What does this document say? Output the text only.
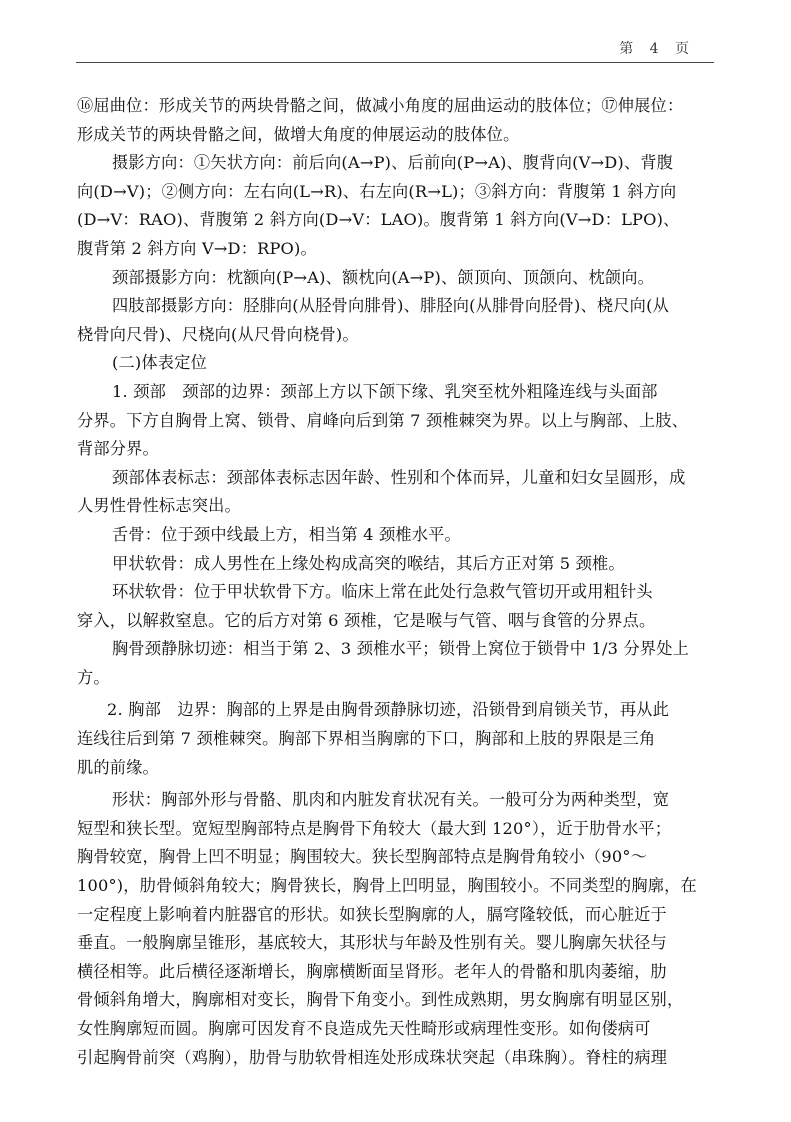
第 4 页
⑯屈曲位：形成关节的两块骨骼之间，做减小角度的屈曲运动的肢体位；⑰伸展位：
形成关节的两块骨骼之间，做增大角度的伸展运动的肢体位。
摄影方向：①矢状方向：前后向(A→P)、后前向(P→A)、腹背向(V→D)、背腹
向(D→V)；②侧方向：左右向(L→R)、右左向(R→L)；③斜方向：背腹第 1 斜方向
(D→V：RAO)、背腹第 2 斜方向(D→V：LAO)。腹背第 1 斜方向(V→D：LPO)、
腹背第 2 斜方向 V→D：RPO)。
颈部摄影方向：枕额向(P→A)、额枕向(A→P)、颌顶向、顶颌向、枕颌向。
四肢部摄影方向：胫腓向(从胫骨向腓骨)、腓胫向(从腓骨向胫骨)、桡尺向(从
桡骨向尺骨)、尺桡向(从尺骨向桡骨)。
(二)体表定位
1. 颈部　颈部的边界：颈部上方以下颌下缘、乳突至枕外粗隆连线与头面部
分界。下方自胸骨上窝、锁骨、肩峰向后到第 7 颈椎棘突为界。以上与胸部、上肢、
背部分界。
颈部体表标志：颈部体表标志因年龄、性别和个体而异，儿童和妇女呈圆形，成
人男性骨性标志突出。
舌骨：位于颈中线最上方，相当第 4 颈椎水平。
甲状软骨：成人男性在上缘处构成高突的喉结，其后方正对第 5 颈椎。
环状软骨：位于甲状软骨下方。临床上常在此处行急救气管切开或用粗针头
穿入，以解救窒息。它的后方对第 6 颈椎，它是喉与气管、咽与食管的分界点。
胸骨颈静脉切迹：相当于第 2、3 颈椎水平；锁骨上窝位于锁骨中 1/3 分界处上
方。
2. 胸部　边界：胸部的上界是由胸骨颈静脉切迹，沿锁骨到肩锁关节，再从此
连线往后到第 7 颈椎棘突。胸部下界相当胸廓的下口，胸部和上肢的界限是三角
肌的前缘。
形状：胸部外形与骨骼、肌肉和内脏发育状况有关。一般可分为两种类型，宽
短型和狭长型。宽短型胸部特点是胸骨下角较大（最大到 120°），近于肋骨水平；
胸骨较宽，胸骨上凹不明显；胸围较大。狭长型胸部特点是胸骨角较小（90°～
100°)，肋骨倾斜角较大；胸骨狭长，胸骨上凹明显，胸围较小。不同类型的胸廓，在
一定程度上影响着内脏器官的形状。如狭长型胸廓的人，膈穹隆较低，而心脏近于
垂直。一般胸廓呈锥形，基底较大，其形状与年龄及性别有关。婴儿胸廓矢状径与
横径相等。此后横径逐渐增长，胸廓横断面呈肾形。老年人的骨骼和肌肉萎缩，肋
骨倾斜角增大，胸廓相对变长，胸骨下角变小。到性成熟期，男女胸廓有明显区别，
女性胸廓短而圆。胸廓可因发育不良造成先天性畸形或病理性变形。如佝偻病可
引起胸骨前突（鸡胸），肋骨与肋软骨相连处形成珠状突起（串珠胸）。脊柱的病理
